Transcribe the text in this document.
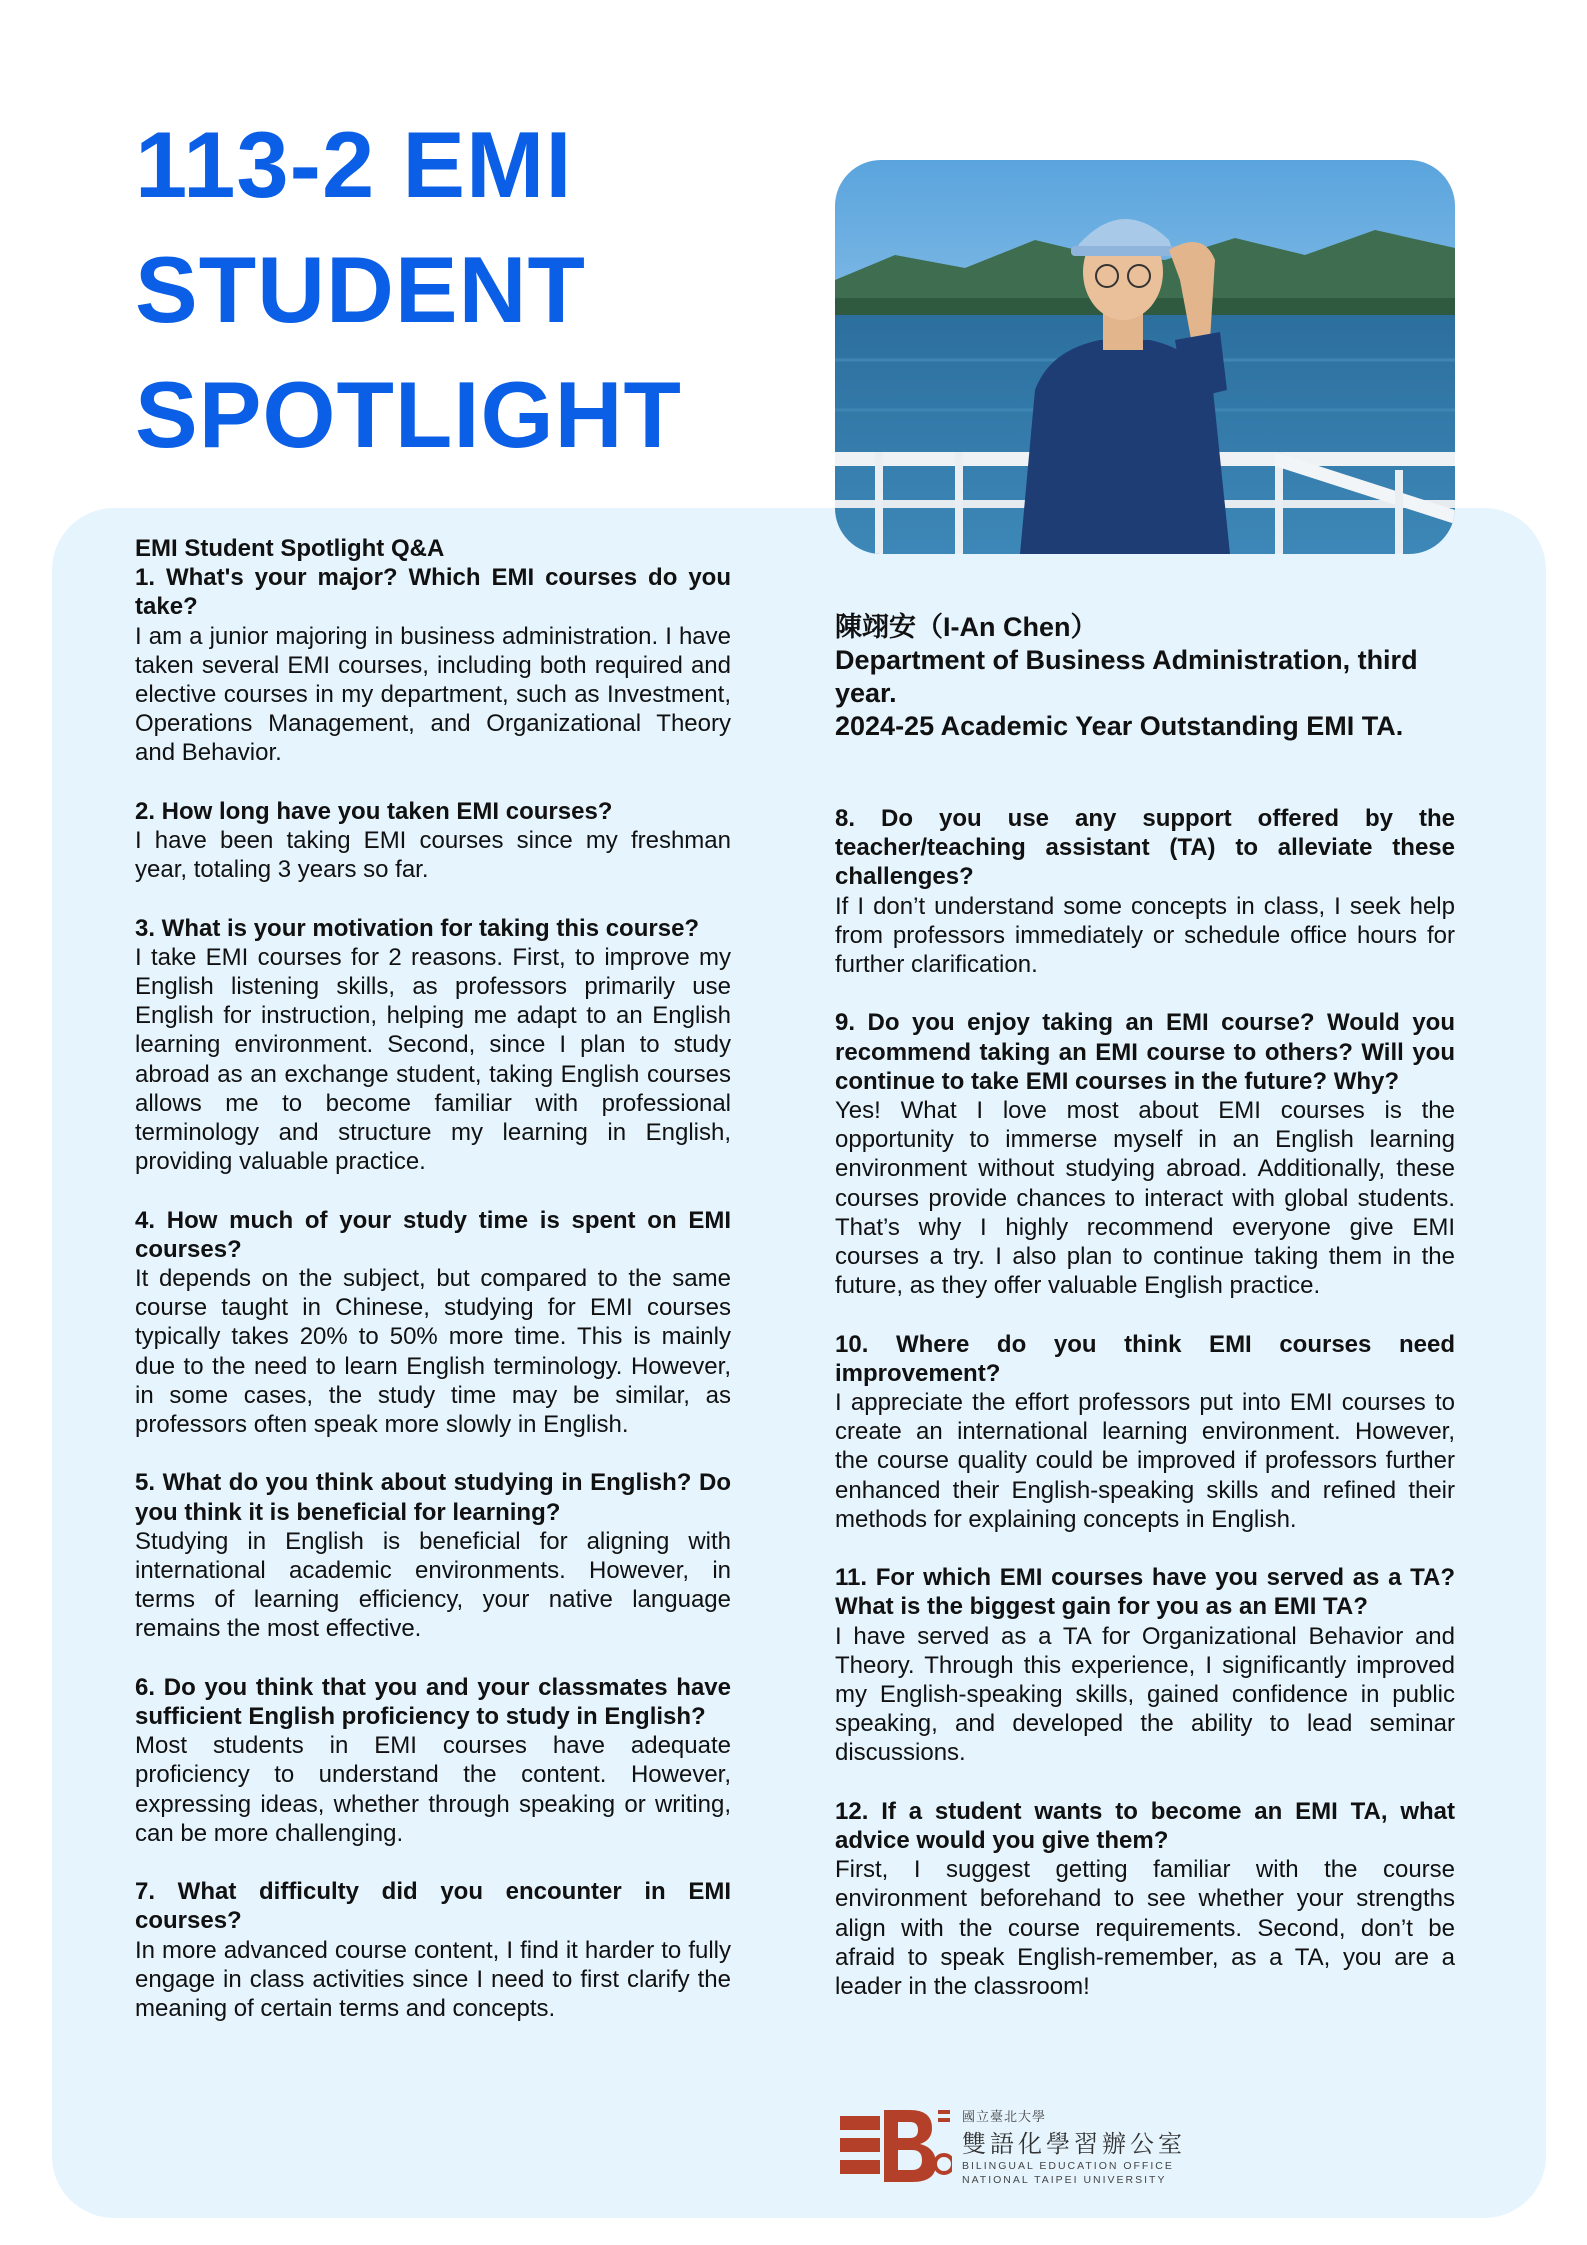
113-2 EMI
STUDENT
SPOTLIGHT
陳翊安（I-An Chen）
Department of Business Administration, third year.
2024-25 Academic Year Outstanding EMI TA.
EMI Student Spotlight Q&A
1. What's your major? Which EMI courses do you take?
I am a junior majoring in business administration. I have taken several EMI courses, including both required and elective courses in my department, such as Investment, Operations Management, and Organizational Theory and Behavior.
2. How long have you taken EMI courses?
I have been taking EMI courses since my freshman year, totaling 3 years so far.
3. What is your motivation for taking this course?
I take EMI courses for 2 reasons. First, to improve my English listening skills, as professors primarily use English for instruction, helping me adapt to an English learning environment. Second, since I plan to study abroad as an exchange student, taking English courses allows me to become familiar with professional terminology and structure my learning in English, providing valuable practice.
4. How much of your study time is spent on EMI courses?
It depends on the subject, but compared to the same course taught in Chinese, studying for EMI courses typically takes 20% to 50% more time. This is mainly due to the need to learn English terminology. However, in some cases, the study time may be similar, as professors often speak more slowly in English.
5. What do you think about studying in English? Do you think it is beneficial for learning?
Studying in English is beneficial for aligning with international academic environments. However, in terms of learning efficiency, your native language remains the most effective.
6. Do you think that you and your classmates have sufficient English proficiency to study in English?
Most students in EMI courses have adequate proficiency to understand the content. However, expressing ideas, whether through speaking or writing, can be more challenging.
7. What difficulty did you encounter in EMI courses?
In more advanced course content, I find it harder to fully engage in class activities since I need to first clarify the meaning of certain terms and concepts.
8. Do you use any support offered by the teacher/teaching assistant (TA) to alleviate these challenges?
If I don’t understand some concepts in class, I seek help from professors immediately or schedule office hours for further clarification.
9. Do you enjoy taking an EMI course? Would you recommend taking an EMI course to others? Will you continue to take EMI courses in the future? Why?
Yes! What I love most about EMI courses is the opportunity to immerse myself in an English learning environment without studying abroad. Additionally, these courses provide chances to interact with global students. That’s why I highly recommend everyone give EMI courses a try. I also plan to continue taking them in the future, as they offer valuable English practice.
10. Where do you think EMI courses need improvement?
I appreciate the effort professors put into EMI courses to create an international learning environment. However, the course quality could be improved if professors further enhanced their English-speaking skills and refined their methods for explaining concepts in English.
11. For which EMI courses have you served as a TA? What is the biggest gain for you as an EMI TA?
I have served as a TA for Organizational Behavior and Theory. Through this experience, I significantly improved my English-speaking skills, gained confidence in public speaking, and developed the ability to lead seminar discussions.
12. If a student wants to become an EMI TA, what advice would you give them?
First, I suggest getting familiar with the course environment beforehand to see whether your strengths align with the course requirements. Second, don’t be afraid to speak English-remember, as a TA, you are a leader in the classroom!
國立臺北大學
雙語化學習辦公室
BILINGUAL EDUCATION OFFICE
NATIONAL TAIPEI UNIVERSITY
